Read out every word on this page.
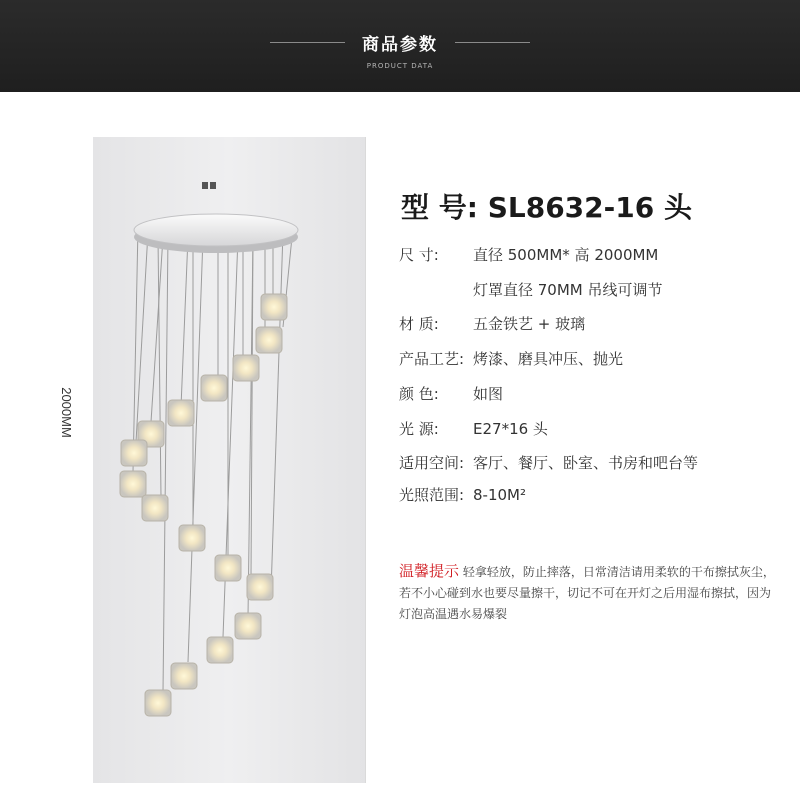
商品参数
PRODUCT DATA
2000MM
型 号: SL8632-16 头
尺 寸: 直径 500MM* 高 2000MM
灯罩直径 70MM 吊线可调节
材 质: 五金铁艺 + 玻璃
产品工艺: 烤漆、磨具冲压、抛光
颜 色: 如图
光 源: E27*16 头
适用空间: 客厅、餐厅、卧室、书房和吧台等
光照范围: 8-10M²
温馨提示 轻拿轻放，防止摔落，日常清洁请用柔软的干布擦拭灰尘，若不小心碰到水也要尽量擦干，切记不可在开灯之后用湿布擦拭，因为灯泡高温遇水易爆裂
